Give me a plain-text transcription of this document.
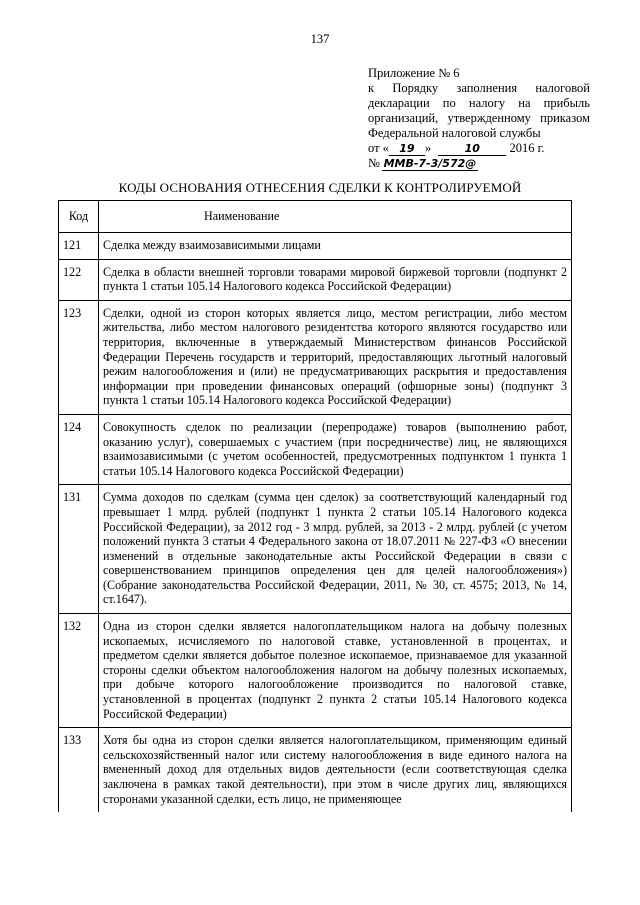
137
Приложение № 6
к Порядку заполнения налоговой
декларации по налогу на прибыль
организаций, утвержденному приказом
Федеральной налоговой службы
от « 19 »	10 2016 г.
№ ММВ-7-3/572@
КОДЫ ОСНОВАНИЯ ОТНЕСЕНИЯ СДЕЛКИ К КОНТРОЛИРУЕМОЙ
Код	Наименование
121	Сделка между взаимозависимыми лицами
122	Сделка в области внешней торговли товарами мировой биржевой торговли (подпункт 2 пункта 1 статьи 105.14 Налогового кодекса Российской Федерации)
123	Сделки, одной из сторон которых является лицо, местом регистрации, либо местом жительства, либо местом налогового резидентства которого являются государство или территория, включенные в утверждаемый Министерством финансов Российской Федерации Перечень государств и территорий, предоставляющих льготный налоговый режим налогообложения и (или) не предусматривающих раскрытия и предоставления информации при проведении финансовых операций (офшорные зоны) (подпункт 3 пункта 1 статьи 105.14 Налогового кодекса Российской Федерации)
124	Совокупность сделок по реализации (перепродаже) товаров (выполнению работ, оказанию услуг), совершаемых с участием (при посредничестве) лиц, не являющихся взаимозависимыми (с учетом особенностей, предусмотренных подпунктом 1 пункта 1 статьи 105.14 Налогового кодекса Российской Федерации)
131	Сумма доходов по сделкам (сумма цен сделок) за соответствующий календарный год превышает 1 млрд. рублей (подпункт 1 пункта 2 статьи 105.14 Налогового кодекса Российской Федерации), за 2012 год - 3 млрд. рублей, за 2013 - 2 млрд. рублей (с учетом положений пункта 3 статьи 4 Федерального закона от 18.07.2011 № 227-ФЗ «О внесении изменений в отдельные законодательные акты Российской Федерации в связи с совершенствованием принципов определения цен для целей налогообложения») (Собрание законодательства Российской Федерации, 2011, № 30, ст. 4575; 2013, № 14, ст.1647).
132	Одна из сторон сделки является налогоплательщиком налога на добычу полезных ископаемых, исчисляемого по налоговой ставке, установленной в процентах, и предметом сделки является добытое полезное ископаемое, признаваемое для указанной стороны сделки объектом налогообложения налогом на добычу полезных ископаемых, при добыче которого налогообложение производится по налоговой ставке, установленной в процентах (подпункт 2 пункта 2 статьи 105.14 Налогового кодекса Российской Федерации)
133	Хотя бы одна из сторон сделки является налогоплательщиком, применяющим единый сельскохозяйственный налог или систему налогообложения в виде единого налога на вмененный доход для отдельных видов деятельности (если соответствующая сделка заключена в рамках такой деятельности), при этом в числе других лиц, являющихся сторонами указанной сделки, есть лицо, не применяющее
